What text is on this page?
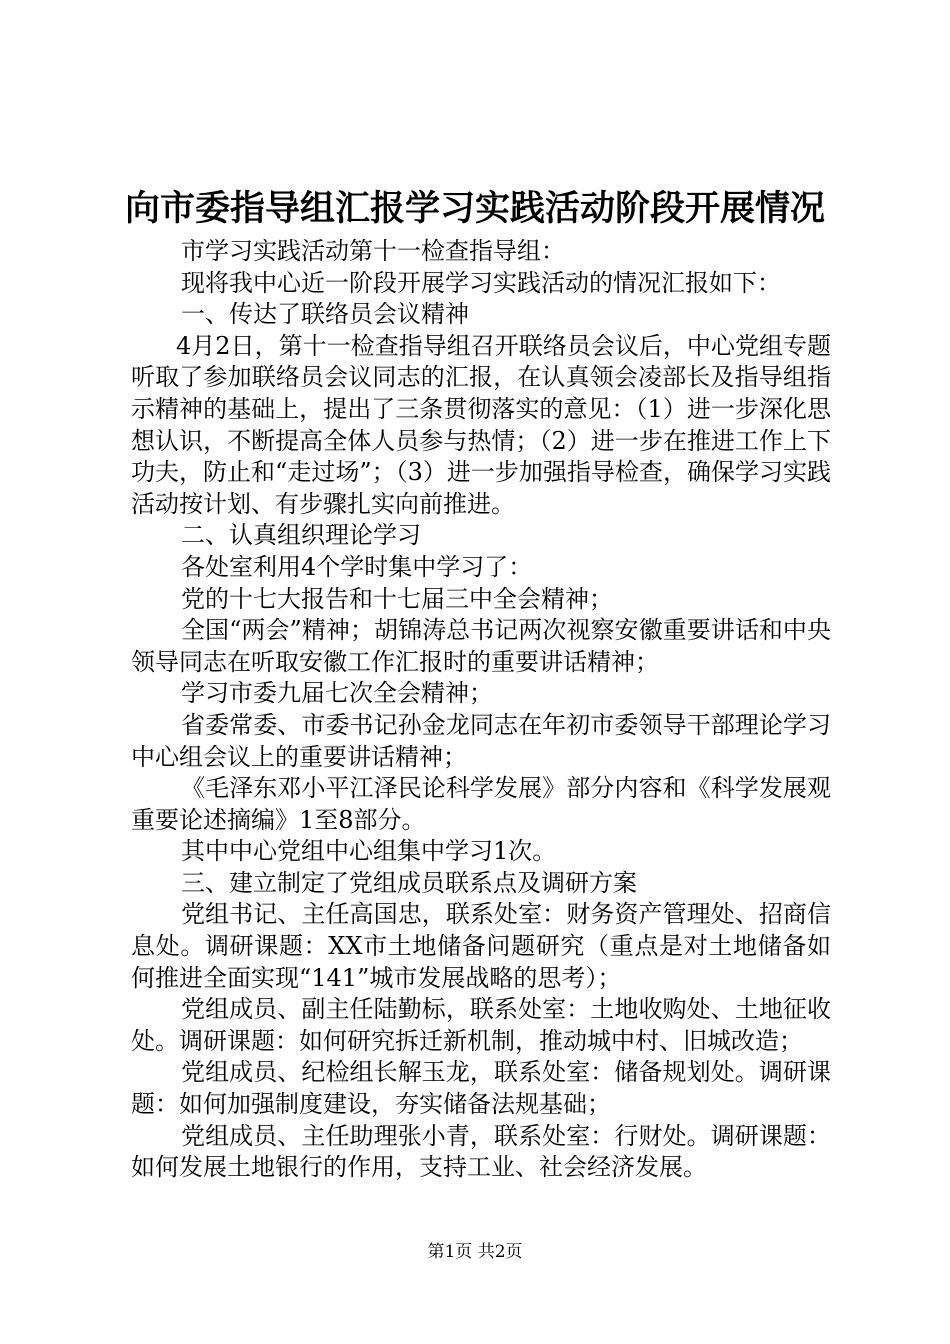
向市委指导组汇报学习实践活动阶段开展情况

市学习实践活动第十一检查指导组：

现将我中心近一阶段开展学习实践活动的情况汇报如下：

一、传达了联络员会议精神

4月2日，第十一检查指导组召开联络员会议后，中心党组专题听取了参加联络员会议同志的汇报，在认真领会凌部长及指导组指示精神的基础上，提出了三条贯彻落实的意见：（1）进一步深化思想认识，不断提高全体人员参与热情；（2）进一步在推进工作上下功夫，防止和“走过场”；（3）进一步加强指导检查，确保学习实践活动按计划、有步骤扎实向前推进。

二、认真组织理论学习

各处室利用4个学时集中学习了：

党的十七大报告和十七届三中全会精神；

全国“两会”精神；胡锦涛总书记两次视察安徽重要讲话和中央领导同志在听取安徽工作汇报时的重要讲话精神；

学习市委九届七次全会精神；

省委常委、市委书记孙金龙同志在年初市委领导干部理论学习中心组会议上的重要讲话精神；

《毛泽东邓小平江泽民论科学发展》部分内容和《科学发展观重要论述摘编》1至8部分。

其中中心党组中心组集中学习1次。

三、建立制定了党组成员联系点及调研方案

党组书记、主任高国忠，联系处室：财务资产管理处、招商信息处。调研课题：XX市土地储备问题研究（重点是对土地储备如何推进全面实现“141”城市发展战略的思考）；

党组成员、副主任陆勤标，联系处室：土地收购处、土地征收处。调研课题：如何研究拆迁新机制，推动城中村、旧城改造；

党组成员、纪检组长解玉龙，联系处室：储备规划处。调研课题：如何加强制度建设，夯实储备法规基础；

党组成员、主任助理张小青，联系处室：行财处。调研课题：如何发展土地银行的作用，支持工业、社会经济发展。

第1页 共2页
